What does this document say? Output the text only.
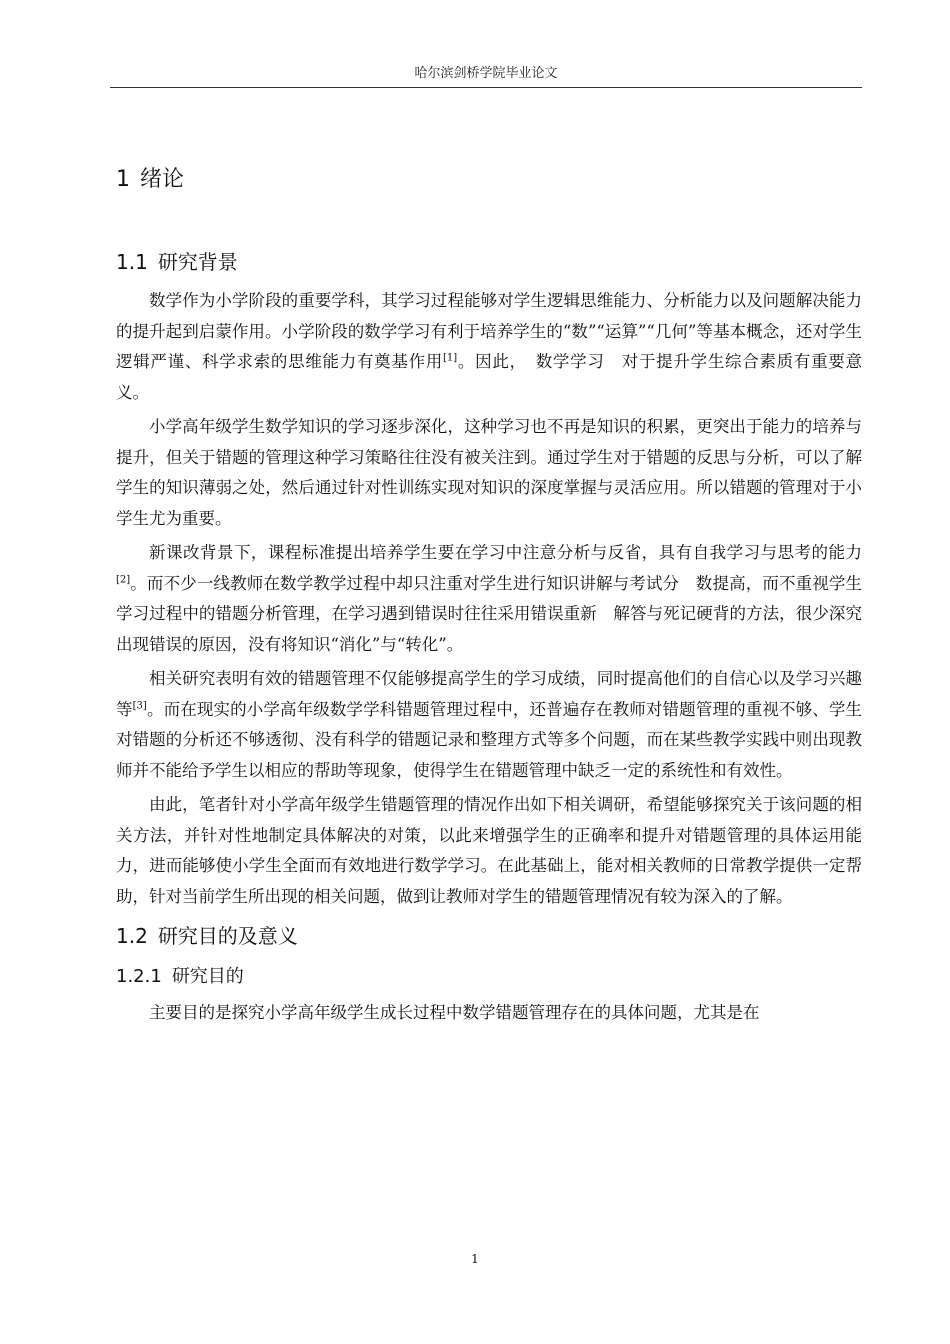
哈尔滨剑桥学院毕业论文
1 绪论
1.1 研究背景

数学作为小学阶段的重要学科，其学习过程能够对学生逻辑思维能力、分析能力以及问题解决能力的提升起到启蒙作用。小学阶段的数学学习有利于培养学生的“数”“运算”“几何”等基本概念，还对学生逻辑严谨、科学求索的思维能力有奠基作用[1]。因此，　数学学习　对于提升学生综合素质有重要意义。

小学高年级学生数学知识的学习逐步深化，这种学习也不再是知识的积累，更突出于能力的培养与提升，但关于错题的管理这种学习策略往往没有被关注到。通过学生对于错题的反思与分析，可以了解学生的知识薄弱之处，然后通过针对性训练实现对知识的深度掌握与灵活应用。所以错题的管理对于小学生尤为重要。

新课改背景下，课程标准提出培养学生要在学习中注意分析与反省，具有自我学习与思考的能力 [2]。而不少一线教师在数学教学过程中却只注重对学生进行知识讲解与考试分　数提高，而不重视学生学习过程中的错题分析管理，在学习遇到错误时往往采用错误重新　解答与死记硬背的方法，很少深究出现错误的原因，没有将知识“消化”与“转化”。

相关研究表明有效的错题管理不仅能够提高学生的学习成绩，同时提高他们的自信心以及学习兴趣等[3]。而在现实的小学高年级数学学科错题管理过程中，还普遍存在教师对错题管理的重视不够、学生对错题的分析还不够透彻、没有科学的错题记录和整理方式等多个问题，而在某些教学实践中则出现教师并不能给予学生以相应的帮助等现象，使得学生在错题管理中缺乏一定的系统性和有效性。

由此，笔者针对小学高年级学生错题管理的情况作出如下相关调研，希望能够探究关于该问题的相关方法，并针对性地制定具体解决的对策，以此来增强学生的正确率和提升对错题管理的具体运用能力，进而能够使小学生全面而有效地进行数学学习。在此基础上，能对相关教师的日常教学提供一定帮助，针对当前学生所出现的相关问题，做到让教师对学生的错题管理情况有较为深入的了解。

1.2 研究目的及意义
1.2.1 研究目的

主要目的是探究小学高年级学生成长过程中数学错题管理存在的具体问题，尤其是在

1
